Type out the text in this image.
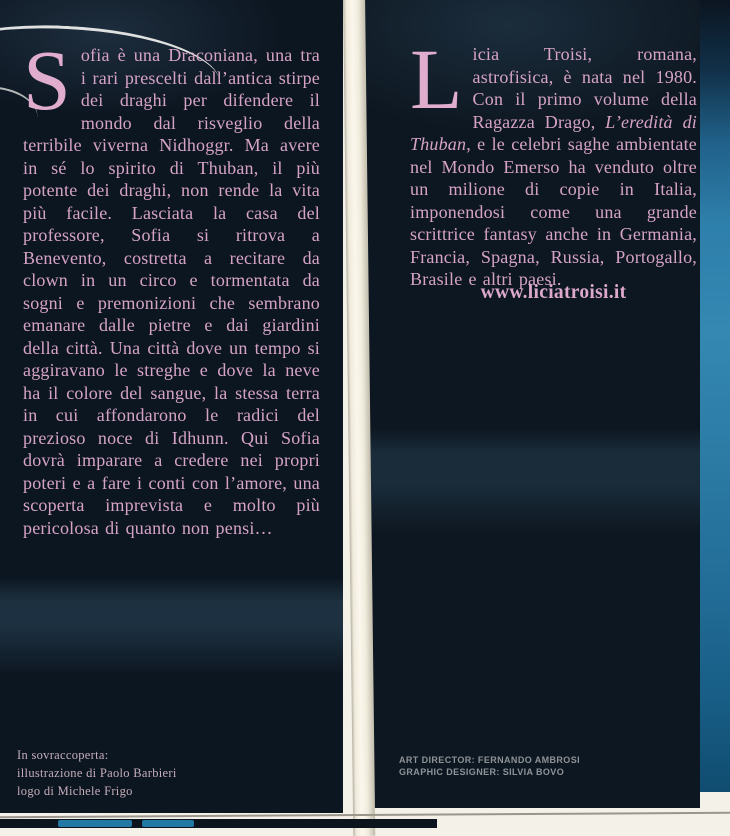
Sofia è una Draconiana, una tra i rari prescelti dall’antica stirpe dei draghi per difendere il mondo dal risveglio della terribile viverna Nidhoggr. Ma avere in sé lo spirito di Thuban, il più potente dei draghi, non rende la vita più facile. Lasciata la casa del professore, Sofia si ritrova a Benevento, costretta a recitare da clown in un circo e tormentata da sogni e premonizioni che sembrano emanare dalle pietre e dai giardini della città. Una città dove un tempo si aggiravano le streghe e dove la neve ha il colore del sangue, la stessa terra in cui affondarono le radici del prezioso noce di Idhunn. Qui Sofia dovrà imparare a credere nei propri poteri e a fare i conti con l’amore, una scoperta imprevista e molto più pericolosa di quanto non pensi…
Licia Troisi, romana, astrofisica, è nata nel 1980. Con il primo volume della Ragazza Drago, L’eredità di Thuban, e le celebri saghe ambientate nel Mondo Emerso ha venduto oltre un milione di copie in Italia, imponendosi come una grande scrittrice fantasy anche in Germania, Francia, Spagna, Russia, Portogallo, Brasile e altri paesi.
www.liciatroisi.it
In sovraccoperta:
illustrazione di Paolo Barbieri
logo di Michele Frigo
ART DIRECTOR: FERNANDO AMBROSI
GRAPHIC DESIGNER: SILVIA BOVO
